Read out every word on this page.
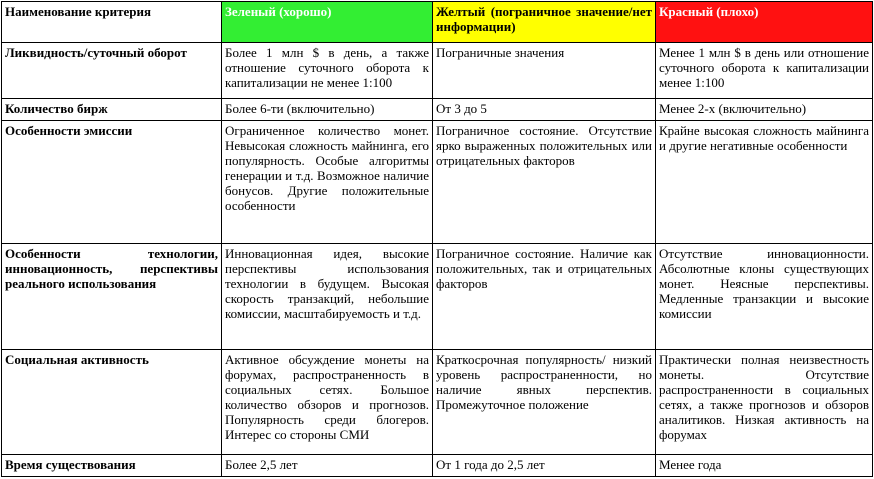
Наименование критерия	Зеленый (хорошо)	Желтый (пограничное значение/нет информации)	Красный (плохо)
Ликвидность/суточный оборот	Более 1 млн $ в день, а также отношение суточного оборота к капитализации не менее 1:100	Пограничные значения	Менее 1 млн $ в день или отношение суточного оборота к капитализации менее 1:100
Количество бирж	Более 6-ти (включительно)	От 3 до 5	Менее 2-х (включительно)
Особенности эмиссии	Ограниченное количество монет. Невысокая сложность майнинга, его популярность. Особые алгоритмы генерации и т.д. Возможное наличие бонусов. Другие положительные особенности	Пограничное состояние. Отсутствие ярко выраженных положительных или отрицательных факторов	Крайне высокая сложность майнинга и другие негативные особенности
Особенности технологии, инновационность, перспективы реального использования	Инновационная идея, высокие перспективы использования технологии в будущем. Высокая скорость транзакций, небольшие комиссии, масштабируемость и т.д.	Пограничное состояние. Наличие как положительных, так и отрицательных факторов	Отсутствие инновационности. Абсолютные клоны существующих монет. Неясные перспективы. Медленные транзакции и высокие комиссии
Социальная активность	Активное обсуждение монеты на форумах, распространенность в социальных сетях. Большое количество обзоров и прогнозов. Популярность среди блогеров. Интерес со стороны СМИ	Краткосрочная популярность/ низкий уровень распространенности, но наличие явных перспектив. Промежуточное положение	Практически полная неизвестность монеты. Отсутствие распространенности в социальных сетях, а также прогнозов и обзоров аналитиков. Низкая активность на форумах
Время существования	Более 2,5 лет	От 1 года до 2,5 лет	Менее года
